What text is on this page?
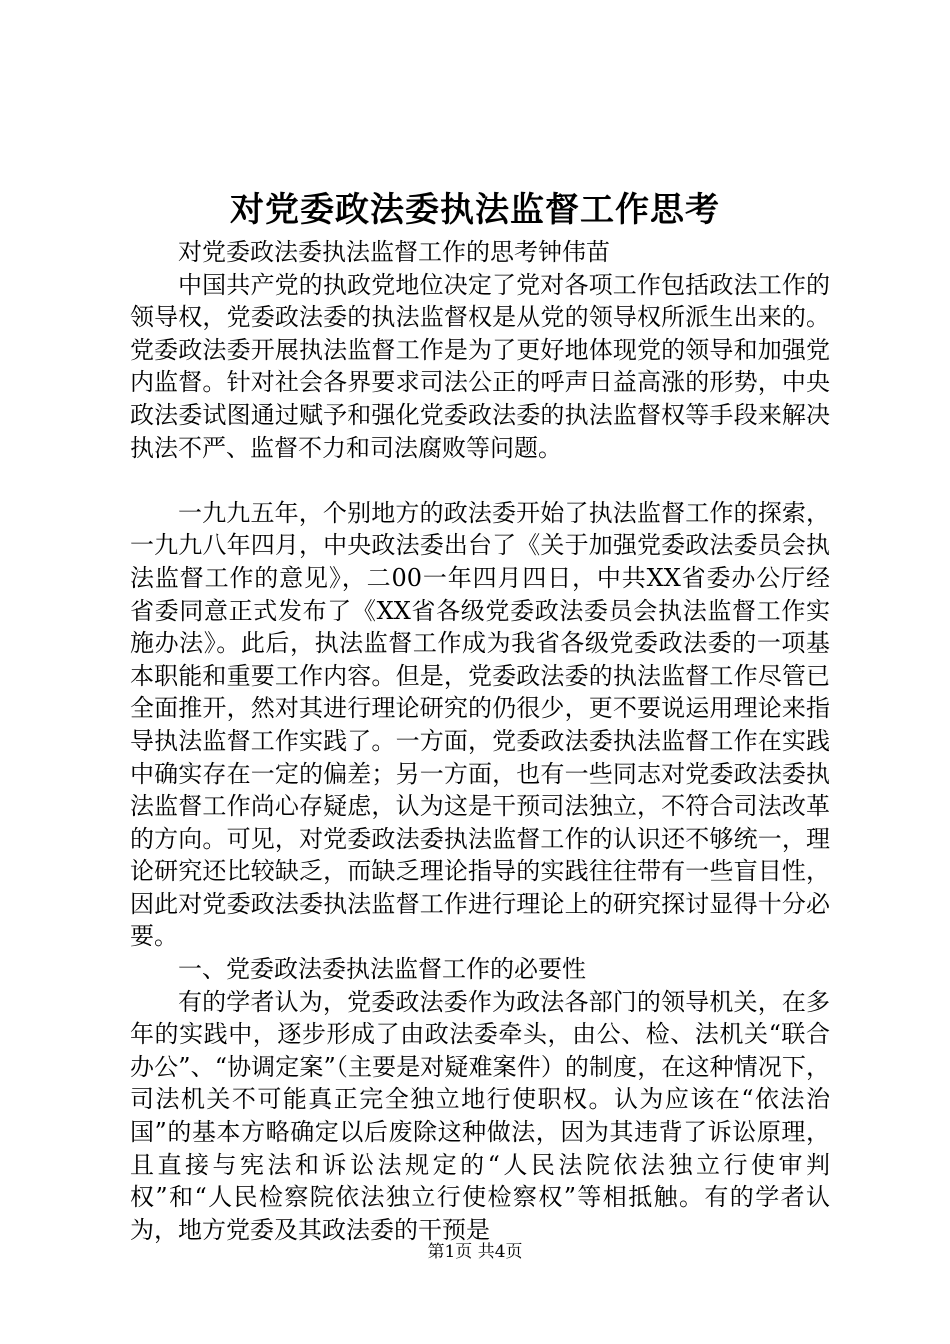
对党委政法委执法监督工作思考

对党委政法委执法监督工作的思考钟伟苗

中国共产党的执政党地位决定了党对各项工作包括政法工作的领导权，党委政法委的执法监督权是从党的领导权所派生出来的。党委政法委开展执法监督工作是为了更好地体现党的领导和加强党内监督。针对社会各界要求司法公正的呼声日益高涨的形势，中央政法委试图通过赋予和强化党委政法委的执法监督权等手段来解决执法不严、监督不力和司法腐败等问题。

一九九五年，个别地方的政法委开始了执法监督工作的探索，一九九八年四月，中央政法委出台了《关于加强党委政法委员会执法监督工作的意见》，二00一年四月四日，中共XX省委办公厅经省委同意正式发布了《XX省各级党委政法委员会执法监督工作实施办法》。此后，执法监督工作成为我省各级党委政法委的一项基本职能和重要工作内容。但是，党委政法委的执法监督工作尽管已全面推开，然对其进行理论研究的仍很少，更不要说运用理论来指导执法监督工作实践了。一方面，党委政法委执法监督工作在实践中确实存在一定的偏差；另一方面，也有一些同志对党委政法委执法监督工作尚心存疑虑，认为这是干预司法独立，不符合司法改革的方向。可见，对党委政法委执法监督工作的认识还不够统一，理论研究还比较缺乏，而缺乏理论指导的实践往往带有一些盲目性，因此对党委政法委执法监督工作进行理论上的研究探讨显得十分必要。

一、党委政法委执法监督工作的必要性

有的学者认为，党委政法委作为政法各部门的领导机关，在多年的实践中，逐步形成了由政法委牵头，由公、检、法机关“联合办公”、“协调定案”（主要是对疑难案件）的制度，在这种情况下，司法机关不可能真正完全独立地行使职权。认为应该在“依法治国”的基本方略确定以后废除这种做法，因为其违背了诉讼原理，且直接与宪法和诉讼法规定的“人民法院依法独立行使审判权”和“人民检察院依法独立行使检察权”等相抵触。有的学者认为，地方党委及其政法委的干预是

第1页 共4页
